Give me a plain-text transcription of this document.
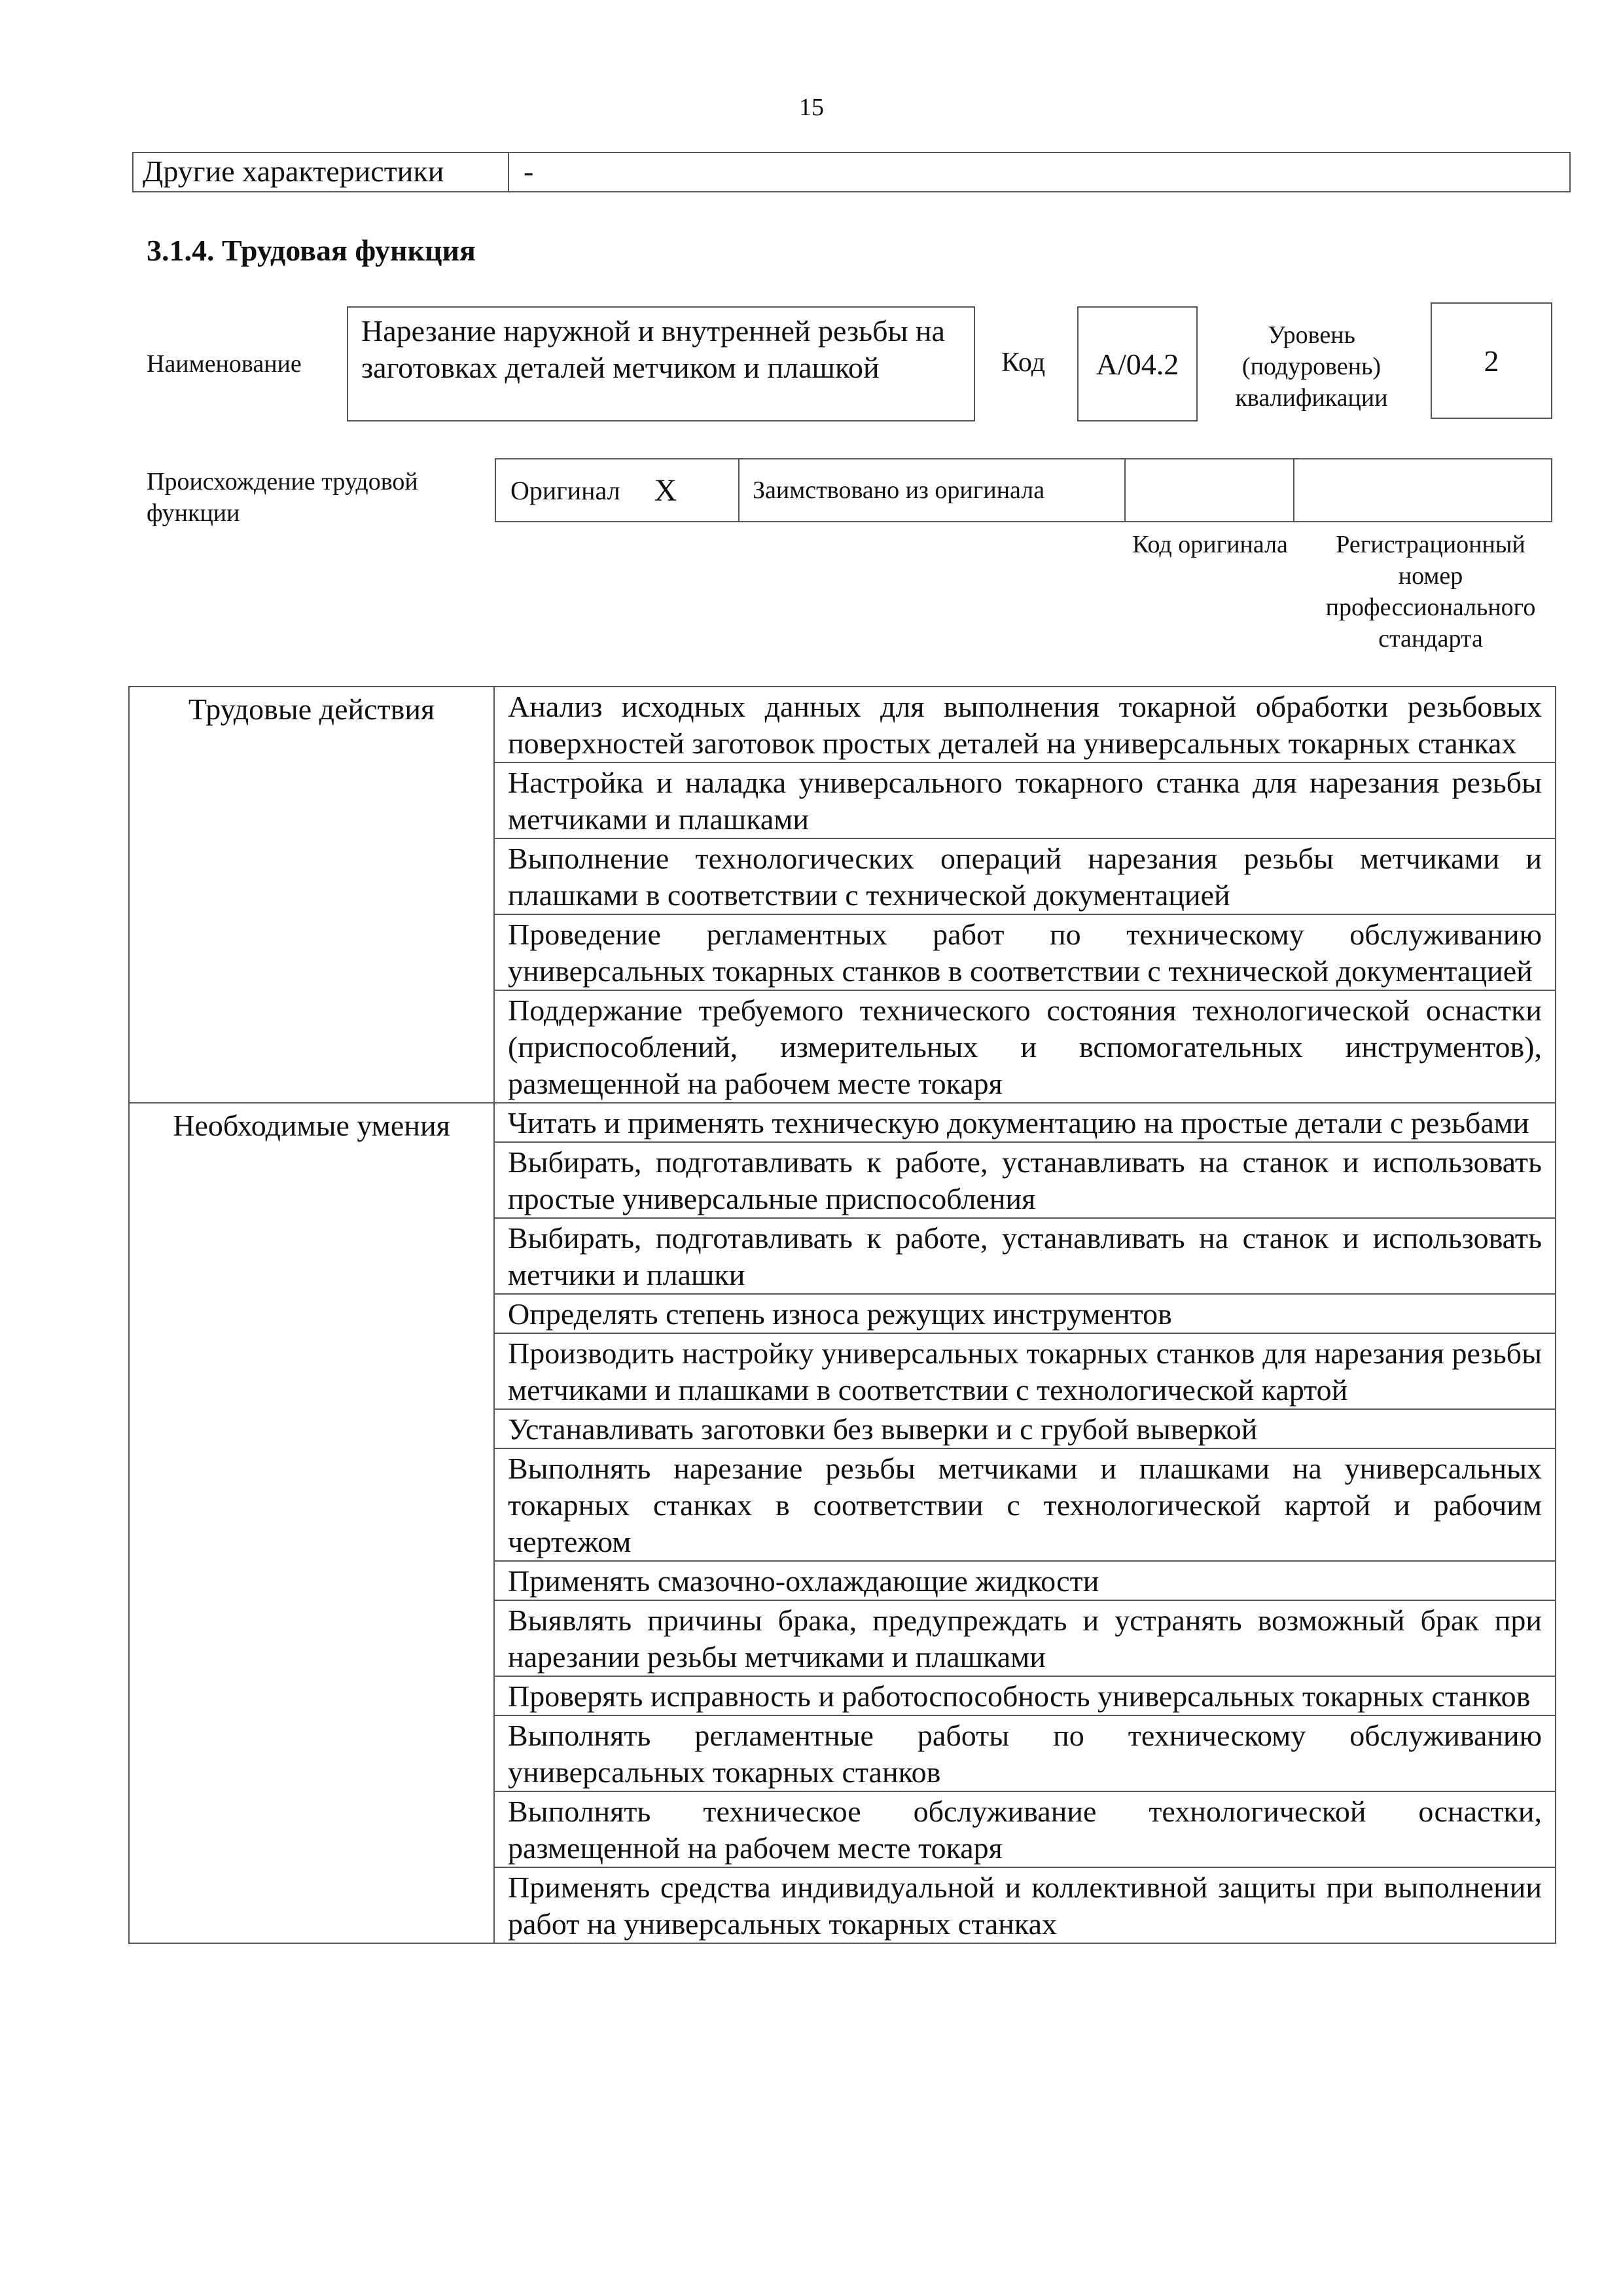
15
Другие характеристики	-
3.1.4. Трудовая функция
Наименование
Нарезание наружной и внутренней резьбы на заготовках деталей метчиком и плашкой	Код	А/04.2
Уровень (подуровень) квалификации
2
Происхождение трудовой функции
Оригинал X	Заимствовано из оригинала
Код оригинала	Регистрационный номер профессионального стандарта
Трудовые действия	Анализ исходных данных для выполнения токарной обработки резьбовых поверхностей заготовок простых деталей на универсальных токарных станках
	Настройка и наладка универсального токарного станка для нарезания резьбы метчиками и плашками
	Выполнение технологических операций нарезания резьбы метчиками и плашками в соответствии с технической документацией
	Проведение регламентных работ по техническому обслуживанию универсальных токарных станков в соответствии с технической документацией
	Поддержание требуемого технического состояния технологической оснастки (приспособлений, измерительных и вспомогательных инструментов), размещенной на рабочем месте токаря
Необходимые умения	Читать и применять техническую документацию на простые детали с резьбами
	Выбирать, подготавливать к работе, устанавливать на станок и использовать простые универсальные приспособления
	Выбирать, подготавливать к работе, устанавливать на станок и использовать метчики и плашки
	Определять степень износа режущих инструментов
	Производить настройку универсальных токарных станков для нарезания резьбы метчиками и плашками в соответствии с технологической картой
	Устанавливать заготовки без выверки и с грубой выверкой
	Выполнять нарезание резьбы метчиками и плашками на универсальных токарных станках в соответствии с технологической картой и рабочим чертежом
	Применять смазочно-охлаждающие жидкости
	Выявлять причины брака, предупреждать и устранять возможный брак при нарезании резьбы метчиками и плашками
	Проверять исправность и работоспособность универсальных токарных станков
	Выполнять регламентные работы по техническому обслуживанию универсальных токарных станков
	Выполнять техническое обслуживание технологической оснастки, размещенной на рабочем месте токаря
	Применять средства индивидуальной и коллективной защиты при выполнении работ на универсальных токарных станках
